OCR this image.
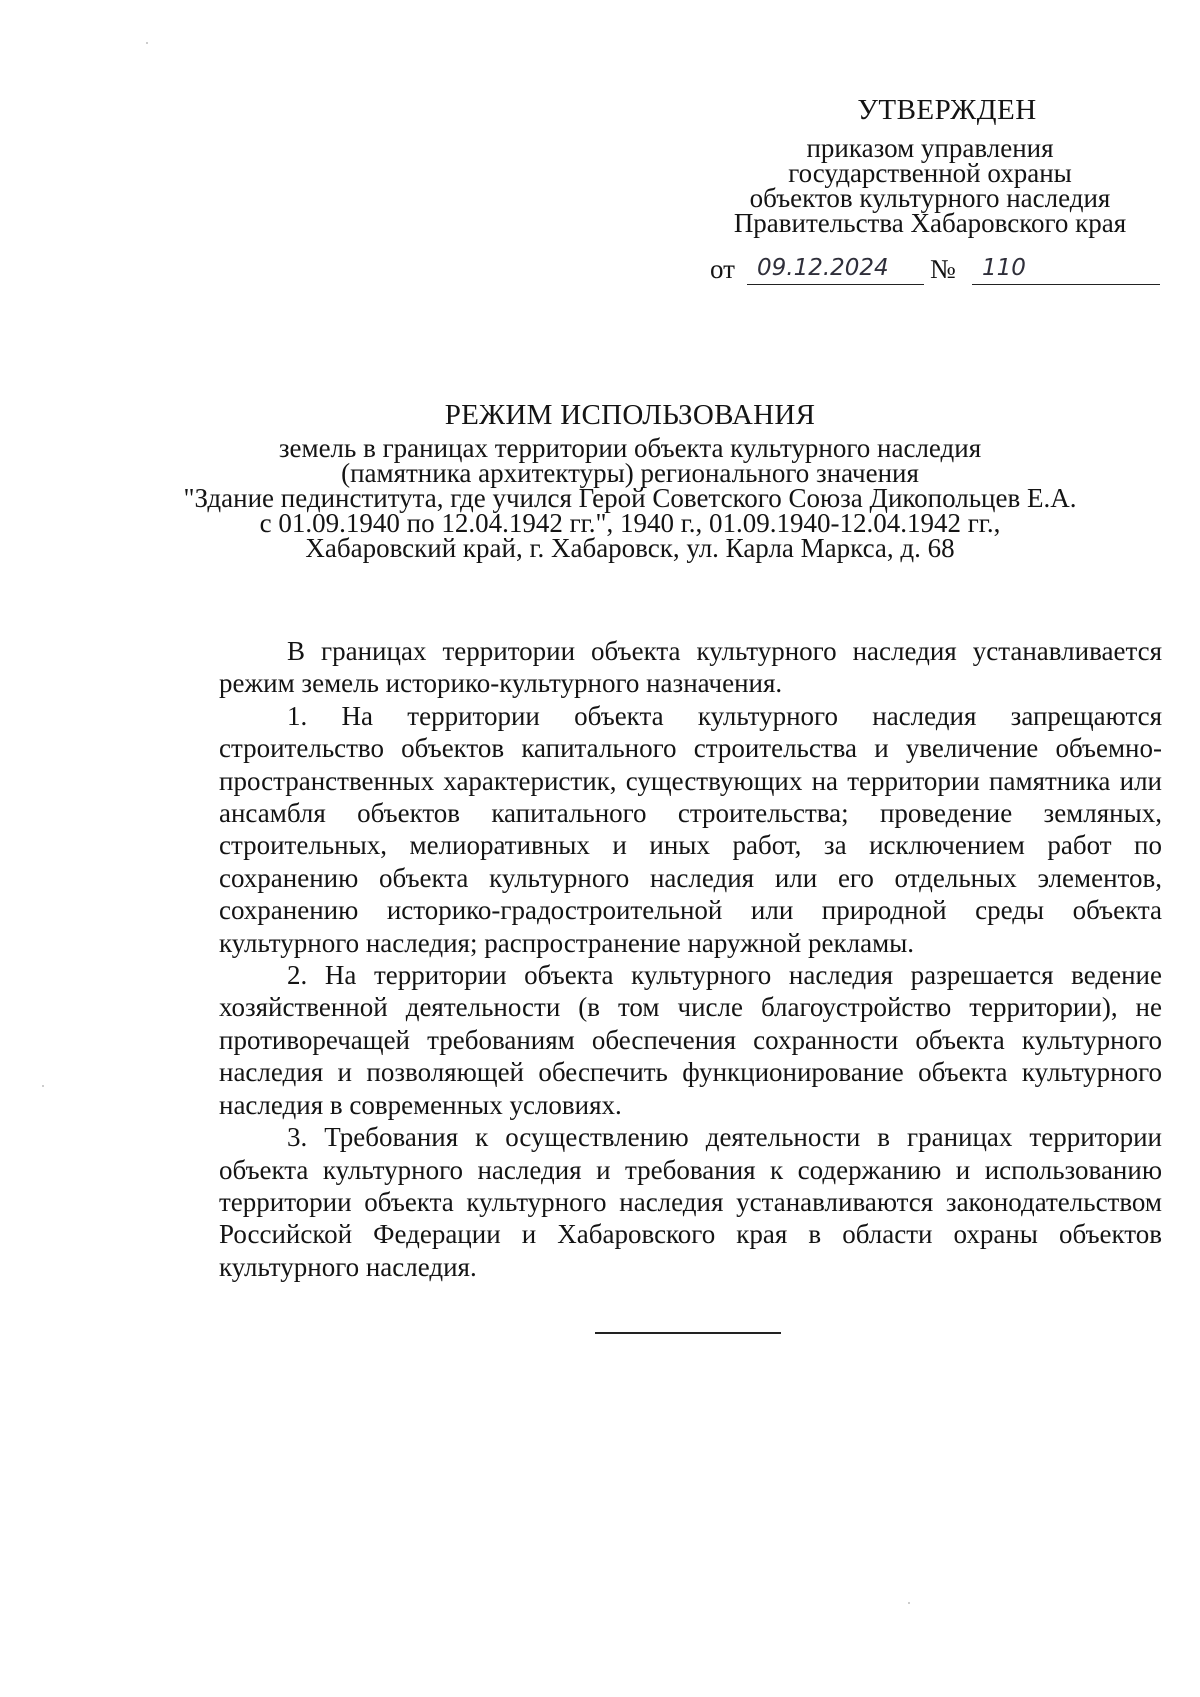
УТВЕРЖДЕН
приказом управления
государственной охраны
объектов культурного наследия
Правительства Хабаровского края
от 09.12.2024	№	110
РЕЖИМ ИСПОЛЬЗОВАНИЯ
земель в границах территории объекта культурного наследия
(памятника архитектуры) регионального значения
"Здание пединститута, где учился Герой Советского Союза Дикопольцев Е.А.
с 01.09.1940 по 12.04.1942 гг.", 1940 г., 01.09.1940-12.04.1942 гг.,
Хабаровский край, г. Хабаровск, ул. Карла Маркса, д. 68

В границах территории объекта культурного наследия устанавливается режим земель историко-культурного назначения.

1. На территории объекта культурного наследия запрещаются строительство объектов капитального строительства и увеличение объемно-пространственных характеристик, существующих на территории памятника или ансамбля объектов капитального строительства; проведение земляных, строительных, мелиоративных и иных работ, за исключением работ по сохранению объекта культурного наследия или его отдельных элементов, сохранению историко-градостроительной или природной среды объекта культурного наследия; распространение наружной рекламы.

2. На территории объекта культурного наследия разрешается ведение хозяйственной деятельности (в том числе благоустройство территории), не противоречащей требованиям обеспечения сохранности объекта культурного наследия и позволяющей обеспечить функционирование объекта культурного наследия в современных условиях.

3. Требования к осуществлению деятельности в границах территории объекта культурного наследия и требования к содержанию и использованию территории объекта культурного наследия устанавливаются законодательством Российской Федерации и Хабаровского края в области охраны объектов культурного наследия.
